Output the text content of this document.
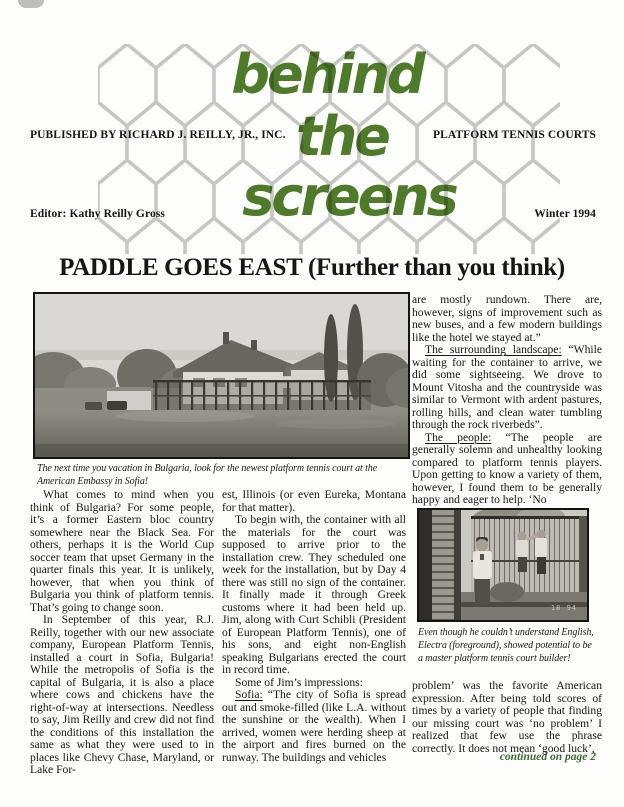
behind
the
screens
PUBLISHED BY RICHARD J. REILLY, JR., INC.	PLATFORM TENNIS COURTS
Editor: Kathy Reilly Gross	Winter 1994
PADDLE GOES EAST (Further than you think)
The next time you vacation in Bulgaria, look for the newest platform tennis court at the American Embassy in Sofia!

What comes to mind when you think of Bulgaria? For some people, it’s a former Eastern bloc country somewhere near the Black Sea. For others, perhaps it is the World Cup soccer team that upset Germany in the quarter finals this year. It is unlikely, however, that when you think of Bulgaria you think of platform tennis. That’s going to change soon.

In September of this year, R.J. Reilly, together with our new associate company, European Platform Tennis, installed a court in Sofia, Bulgaria! While the metropolis of Sofia is the capital of Bulgaria, it is also a place where cows and chickens have the right-of-way at intersections. Needless to say, Jim Reilly and crew did not find the conditions of this installation the same as what they were used to in places like Chevy Chase, Maryland, or Lake For-

est, Illinois (or even Eureka, Montana for that matter).

To begin with, the container with all the materials for the court was supposed to arrive prior to the installation crew. They scheduled one week for the installation, but by Day 4 there was still no sign of the container. It finally made it through Greek customs where it had been held up. Jim, along with Curt Schibli (President of European Platform Tennis), one of his sons, and eight non-English speaking Bulgarians erected the court in record time.

Some of Jim’s impressions:

Sofia: “The city of Sofia is spread out and smoke-filled (like L.A. without the sunshine or the wealth). When I arrived, women were herding sheep at the airport and fires burned on the runway. The buildings and vehicles

are mostly rundown. There are, however, signs of improvement such as new buses, and a few modern buildings like the hotel we stayed at.”

The surrounding landscape: “While waiting for the container to arrive, we did some sightseeing. We drove to Mount Vitosha and the countryside was similar to Vermont with ardent pastures, rolling hills, and clean water tumbling through the rock riverbeds”.

The people: “The people are generally solemn and unhealthy looking compared to platform tennis players. Upon getting to know a variety of them, however, I found them to be generally happy and eager to help. ‘No

18 94
Even though he couldn’t understand English, Electra (foreground), showed potential to be a master platform tennis court builder!

problem’ was the favorite American expression. After being told scores of times by a variety of people that finding our missing court was ‘no problem’ I realized that few use the phrase correctly. It does not mean ‘good luck’,

continued on page 2
